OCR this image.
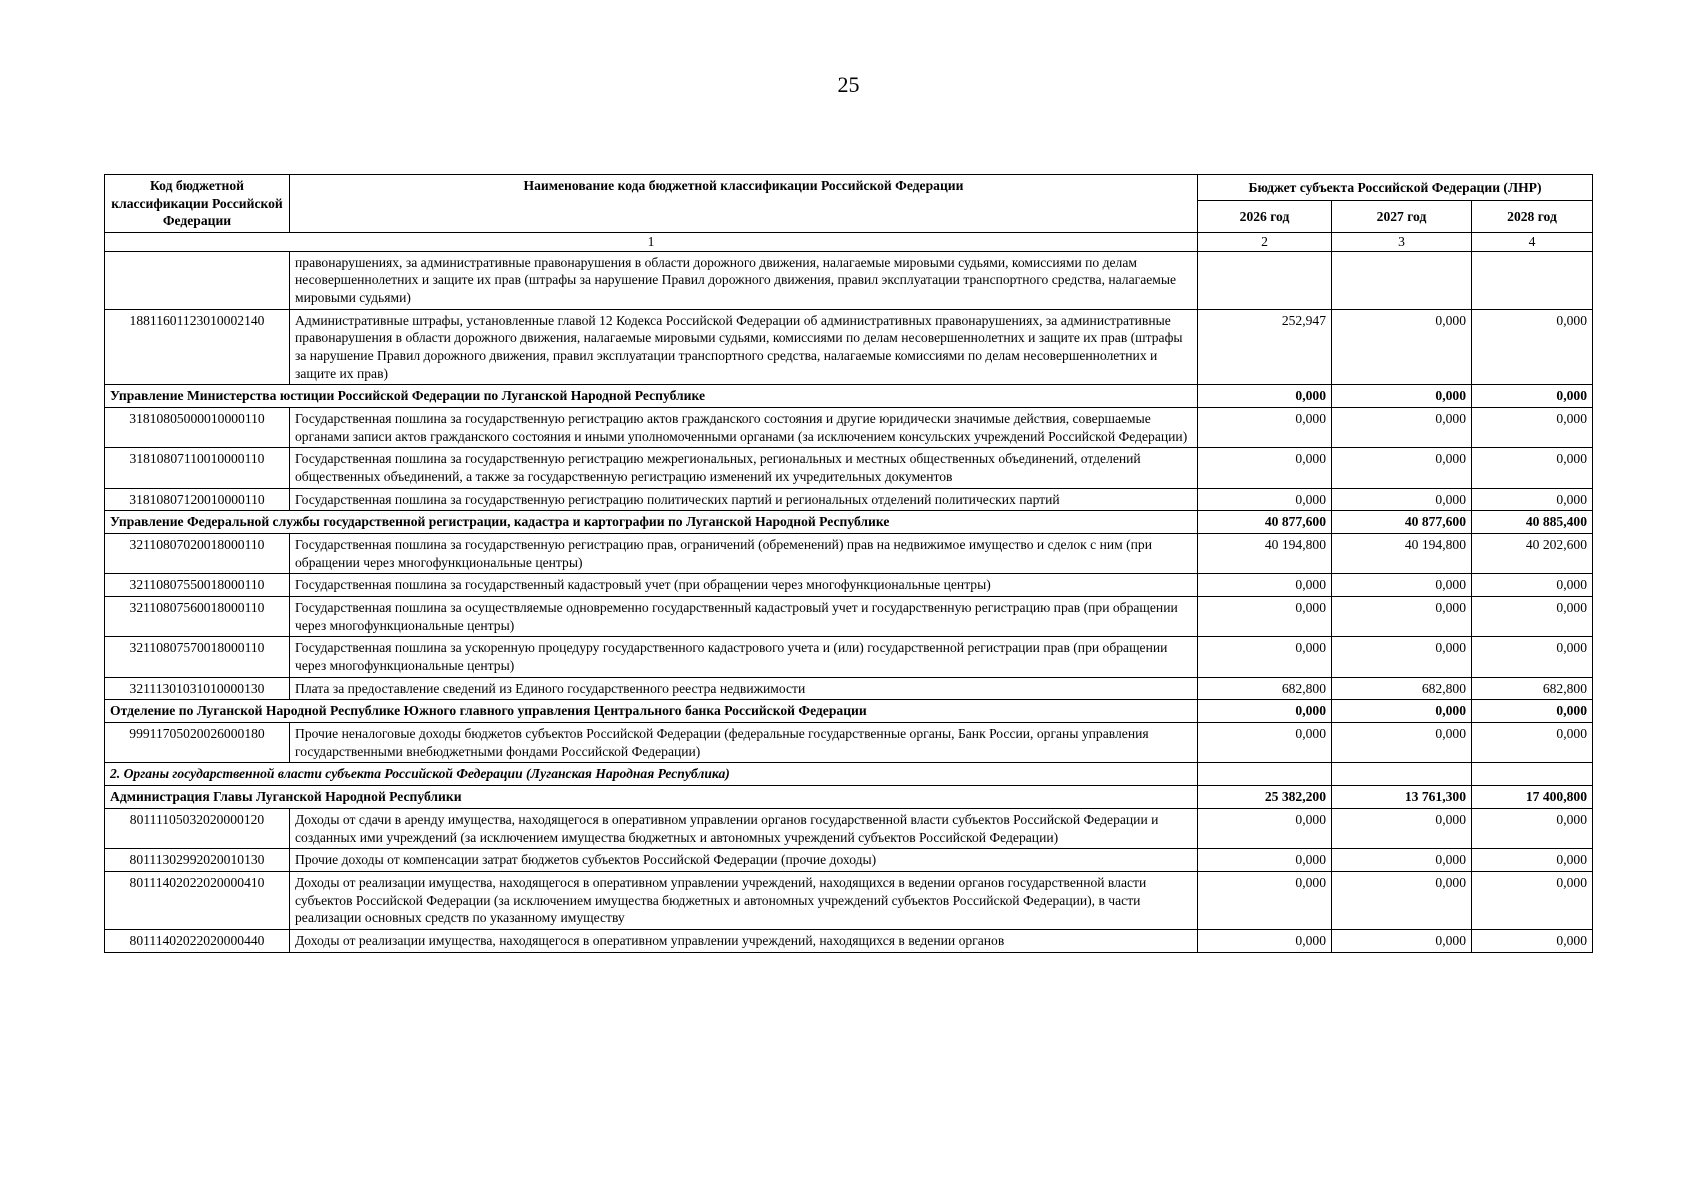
25
Код бюджетной классификации Российской Федерации	Наименование кода бюджетной классификации Российской Федерации	Бюджет субъекта Российской Федерации (ЛНР)		
		2026 год	2027 год	2028 год
1		2	3	4
	правонарушениях, за административные правонарушения в области дорожного движения, налагаемые мировыми судьями, комиссиями по делам несовершеннолетних и защите их прав (штрафы за нарушение Правил дорожного движения, правил эксплуатации транспортного средства, налагаемые мировыми судьями)			
18811601123010002140	Административные штрафы, установленные главой 12 Кодекса Российской Федерации об административных правонарушениях, за административные правонарушения в области дорожного движения, налагаемые мировыми судьями, комиссиями по делам несовершеннолетних и защите их прав (штрафы за нарушение Правил дорожного движения, правил эксплуатации транспортного средства, налагаемые комиссиями по делам несовершеннолетних и защите их прав)	252,947	0,000	0,000
Управление Министерства юстиции Российской Федерации по Луганской Народной Республике		0,000	0,000	0,000
31810805000010000110	Государственная пошлина за государственную регистрацию актов гражданского состояния и другие юридически значимые действия, совершаемые органами записи актов гражданского состояния и иными уполномоченными органами (за исключением консульских учреждений Российской Федерации)	0,000	0,000	0,000
31810807110010000110	Государственная пошлина за государственную регистрацию межрегиональных, региональных и местных общественных объединений, отделений общественных объединений, а также за государственную регистрацию изменений их учредительных документов	0,000	0,000	0,000
31810807120010000110	Государственная пошлина за государственную регистрацию политических партий и региональных отделений политических партий	0,000	0,000	0,000
Управление Федеральной службы государственной регистрации, кадастра и картографии по Луганской Народной Республике		40 877,600	40 877,600	40 885,400
32110807020018000110	Государственная пошлина за государственную регистрацию прав, ограничений (обременений) прав на недвижимое имущество и сделок с ним (при обращении через многофункциональные центры)	40 194,800	40 194,800	40 202,600
32110807550018000110	Государственная пошлина за государственный кадастровый учет (при обращении через многофункциональные центры)	0,000	0,000	0,000
32110807560018000110	Государственная пошлина за осуществляемые одновременно государственный кадастровый учет и государственную регистрацию прав (при обращении через многофункциональные центры)	0,000	0,000	0,000
32110807570018000110	Государственная пошлина за ускоренную процедуру государственного кадастрового учета и (или) государственной регистрации прав (при обращении через многофункциональные центры)	0,000	0,000	0,000
32111301031010000130	Плата за предоставление сведений из Единого государственного реестра недвижимости	682,800	682,800	682,800
Отделение по Луганской Народной Республике Южного главного управления Центрального банка Российской Федерации		0,000	0,000	0,000
99911705020026000180	Прочие неналоговые доходы бюджетов субъектов Российской Федерации (федеральные государственные органы, Банк России, органы управления государственными внебюджетными фондами Российской Федерации)	0,000	0,000	0,000
2. Органы государственной власти субъекта Российской Федерации (Луганская Народная Республика)				
Администрация Главы Луганской Народной Республики		25 382,200	13 761,300	17 400,800
80111105032020000120	Доходы от сдачи в аренду имущества, находящегося в оперативном управлении органов государственной власти субъектов Российской Федерации и созданных ими учреждений (за исключением имущества бюджетных и автономных учреждений субъектов Российской Федерации)	0,000	0,000	0,000
80111302992020010130	Прочие доходы от компенсации затрат бюджетов субъектов Российской Федерации (прочие доходы)	0,000	0,000	0,000
80111402022020000410	Доходы от реализации имущества, находящегося в оперативном управлении учреждений, находящихся в ведении органов государственной власти субъектов Российской Федерации (за исключением имущества бюджетных и автономных учреждений субъектов Российской Федерации), в части реализации основных средств по указанному имуществу	0,000	0,000	0,000
80111402022020000440	Доходы от реализации имущества, находящегося в оперативном управлении учреждений, находящихся в ведении органов	0,000	0,000	0,000
